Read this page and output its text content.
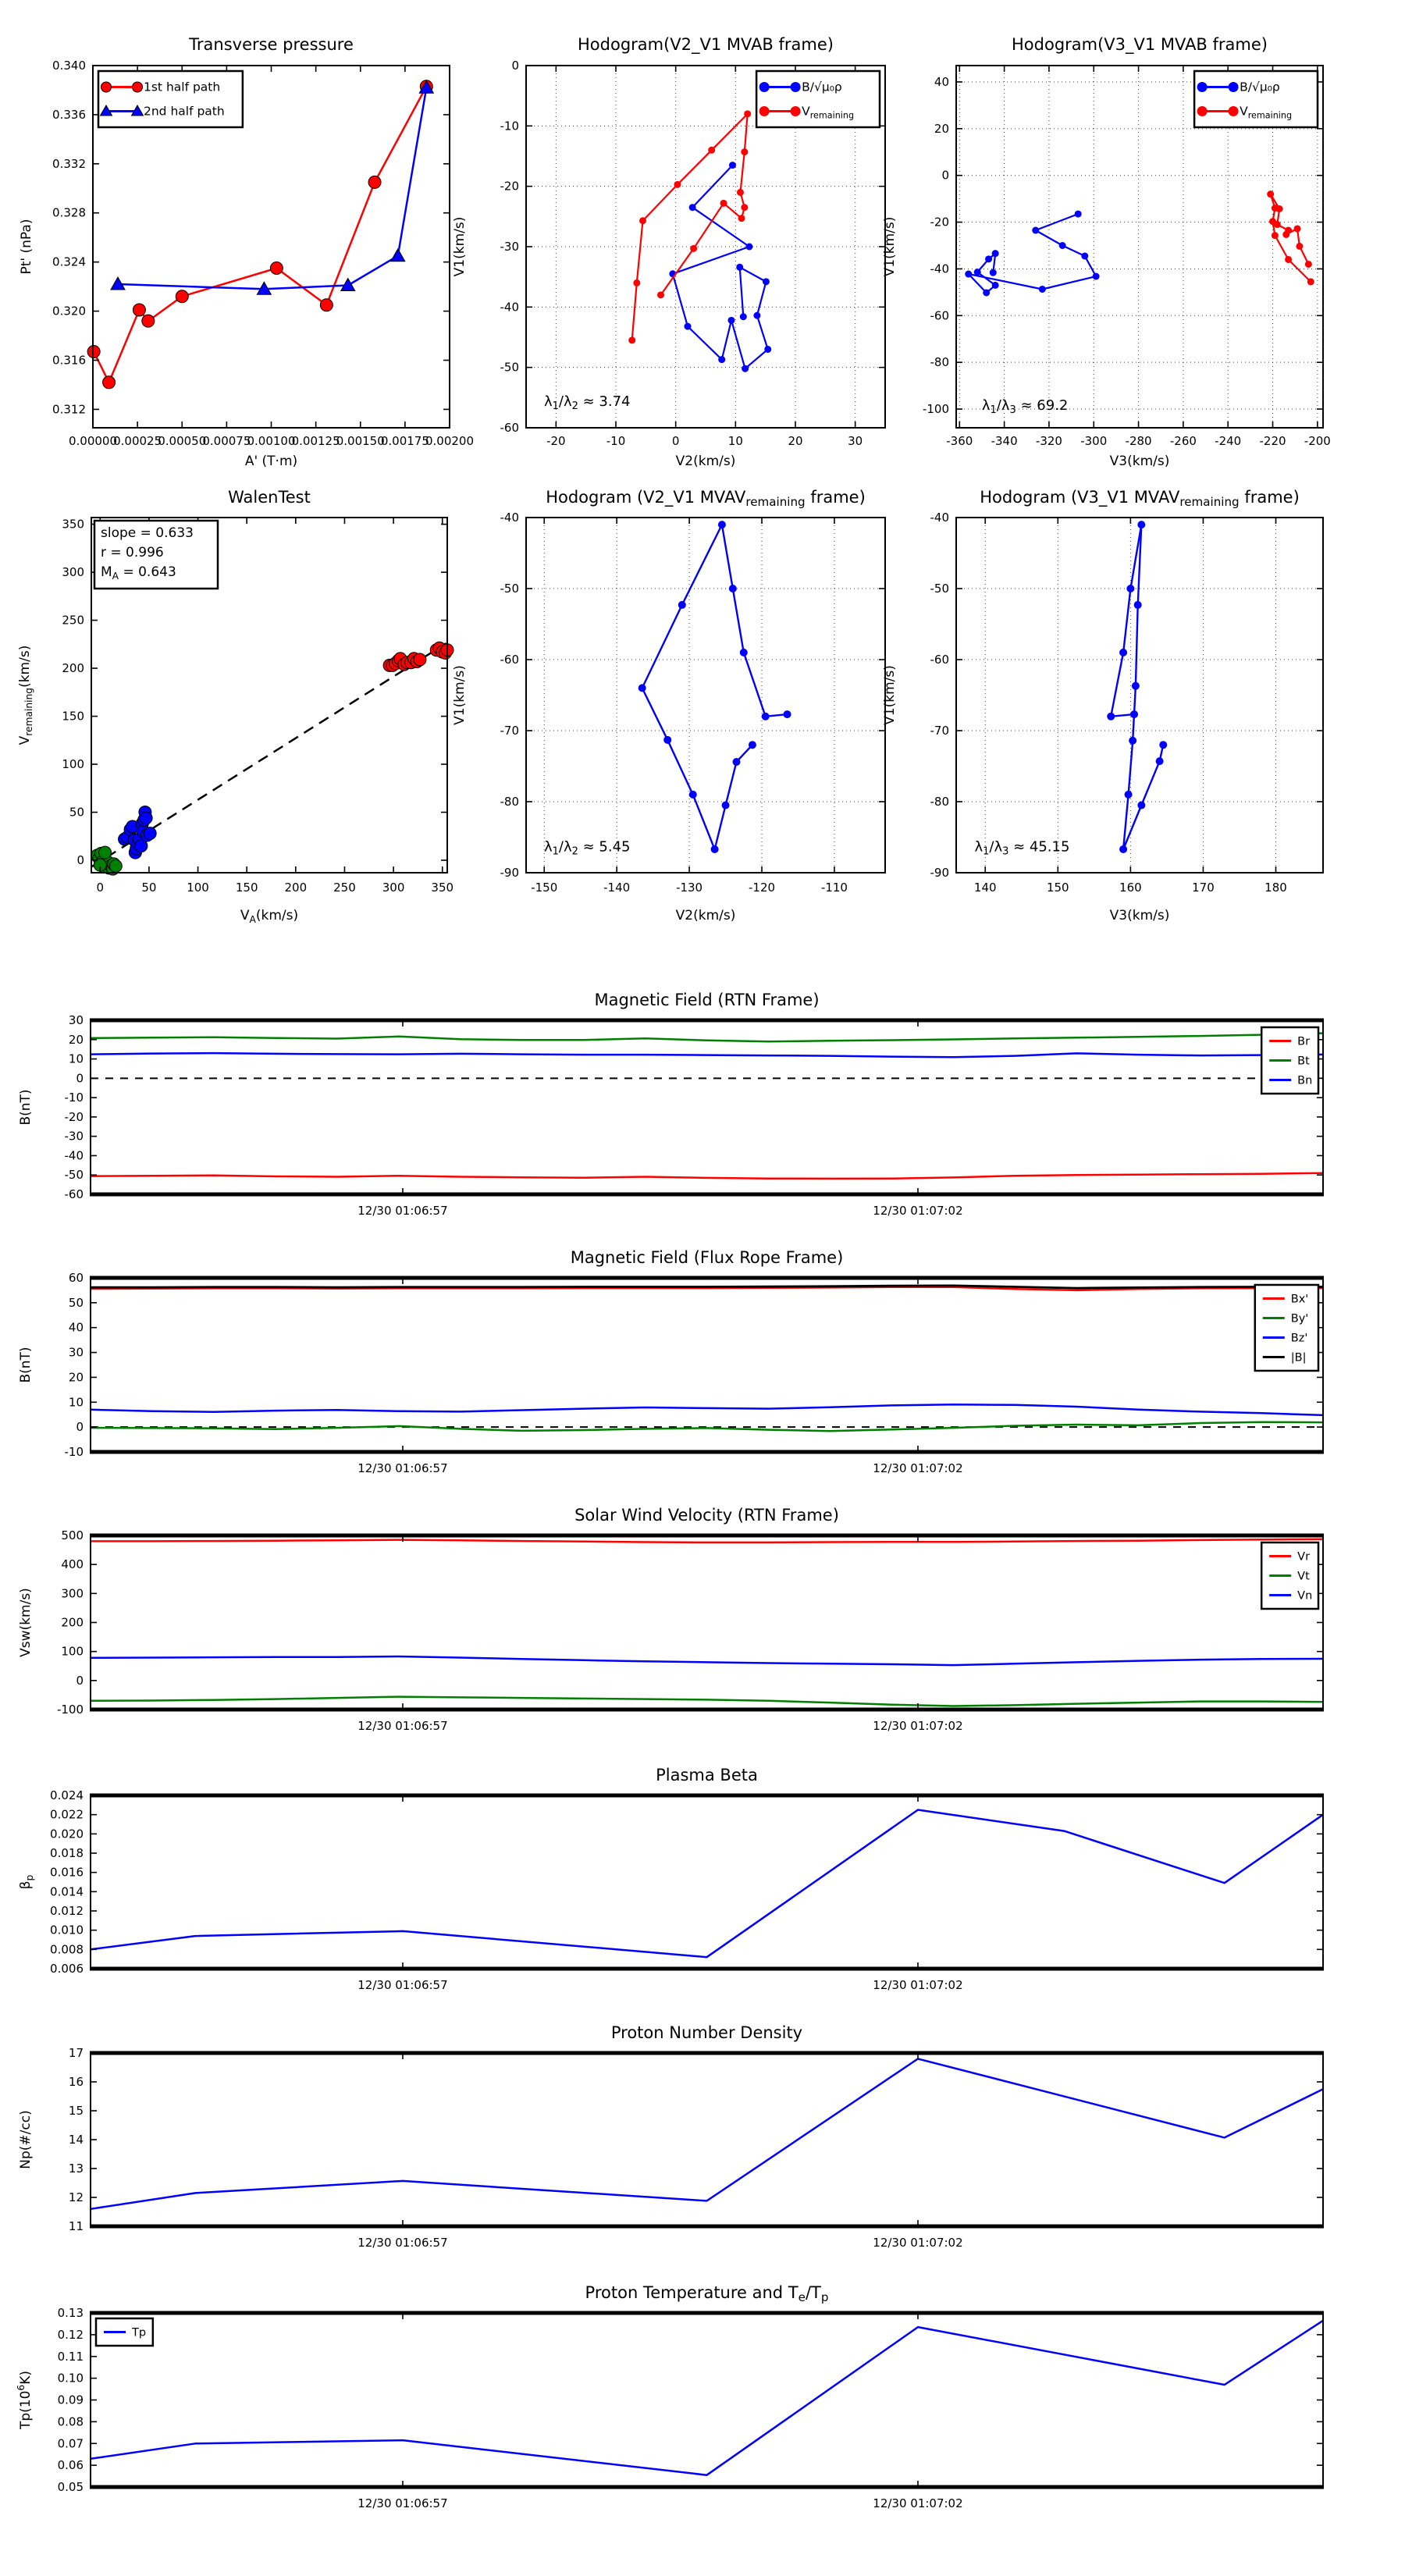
0.00000
0.00025
0.00050
0.00075
0.00100
0.00125
0.00150
0.00175
0.00200
0.312
0.316
0.320
0.324
0.328
0.332
0.336
0.340
Transverse pressure
A' (T·m)
Pt' (nPa)
1st half path
2nd half path
-20	-10	0	10	20	30
0
-10
-20
-30
-40
-50
-60
Hodogram(V2_V1 MVAB frame)
V2(km/s)
V1(km/s)
$\lambda_1/\lambda_2 \approx 3.74$
B/√μ₀ρ
$V_{remaining}$
-360 -340 -320 -300 -280 -260 -240 -220 -200
40
20
0
-20
-40
-60
-80
-100
Hodogram(V3_V1 MVAB frame)
V3(km/s)
V1(km/s)
$\lambda_1/\lambda_3 \approx 69.2$
B/√μ₀ρ
$V_{remaining}$
0	50	100 150 200 250 300 350
0
50
100
150
200
250
300
350
WalenTest
$V_A(km/s)$
$V_{remaining}(km/s)$
slope = 0.633
r = 0.996
$M_A = 0.643$
-150	-140	-130	-120	-110
-40
-50
-60
-70
-80
-90
Hodogram (V2_V1 MVAVremaining frame)
V2(km/s)
V1(km/s)
$\lambda_1/\lambda_2 \approx 5.45$
140	150	160	170	180
-40
-50
-60
-70
-80
-90
Hodogram (V3_V1 MVAVremaining frame)
V3(km/s)
V1(km/s)
$\lambda_1/\lambda_3 \approx 45.15$
12/30 01:06:57	12/30 01:07:02
30
20
10
0
-10
-20
-30
-40
-50
-60
Magnetic Field (RTN Frame)
B(nT)
Br
Bt
Bn
12/30 01:06:57	12/30 01:07:02
60
50
40
30
20
10
0
-10
Magnetic Field (Flux Rope Frame)
B(nT)
Bx'
By'
Bz'
|B|
12/30 01:06:57	12/30 01:07:02
500
400
300
200
100
0
-100
Solar Wind Velocity (RTN Frame)
Vsw(km/s)
Vr
Vt
Vn
12/30 01:06:57	12/30 01:07:02
0.024
0.022
0.020
0.018
0.016
0.014
0.012
0.010
0.008
0.006
Plasma Beta
$\beta_p$
12/30 01:06:57	12/30 01:07:02
17
16
15
14
13
12
11
Proton Number Density
Np(#/cc)
12/30 01:06:57	12/30 01:07:02
0.13
0.12
0.11
0.10
0.09
0.08
0.07
0.06
0.05
Proton Temperature and Te/Tp
$Tp(10^6K)$
Tp
